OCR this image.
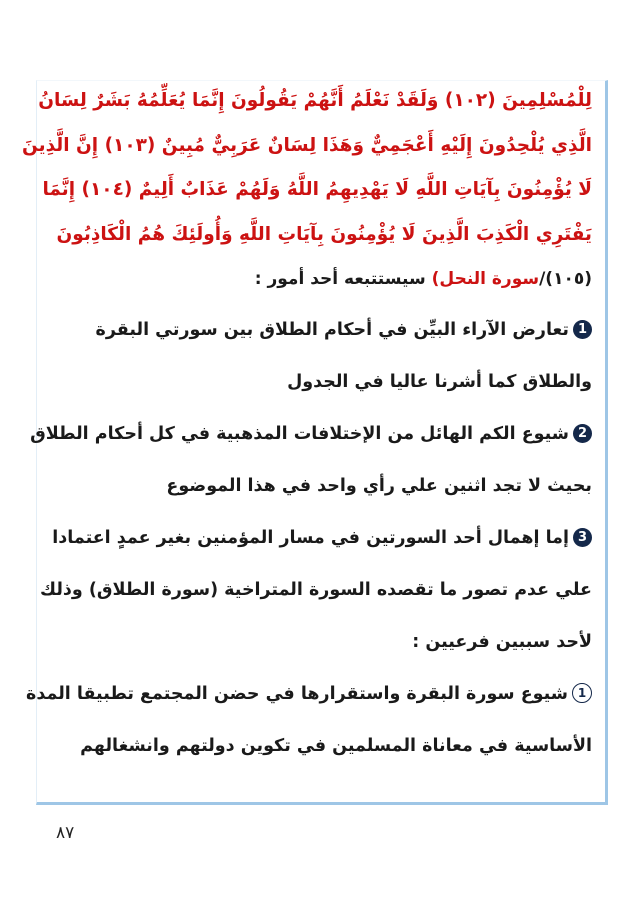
لِلْمُسْلِمِينَ (١٠٢) وَلَقَدْ نَعْلَمُ أَنَّهُمْ يَقُولُونَ إِنَّمَا يُعَلِّمُهُ بَشَرٌ لِسَانُ
الَّذِي يُلْحِدُونَ إِلَيْهِ أَعْجَمِيٌّ وَهَذَا لِسَانٌ عَرَبِيٌّ مُبِينٌ (١٠٣) إِنَّ الَّذِينَ
لَا يُؤْمِنُونَ بِآيَاتِ اللَّهِ لَا يَهْدِيهِمُ اللَّهُ وَلَهُمْ عَذَابٌ أَلِيمٌ (١٠٤) إِنَّمَا
يَفْتَرِي الْكَذِبَ الَّذِينَ لَا يُؤْمِنُونَ بِآيَاتِ اللَّهِ وَأُولَئِكَ هُمُ الْكَاذِبُونَ
(١٠٥)/سورة النحل) سيستتبعه أحد أمور :
1تعارض الآراء البيِّن في أحكام الطلاق بين سورتي البقرة
والطلاق كما أشرنا عاليا في الجدول
2شيوع الكم الهائل من الإختلافات المذهبية في كل أحكام الطلاق
بحيث لا تجد اثنين علي رأي واحد في هذا الموضوع
3إما إهمال أحد السورتين في مسار المؤمنين بغير عمدٍ اعتمادا
علي عدم تصور ما تقصده السورة المتراخية (سورة الطلاق) وذلك
لأحد سببين فرعيين :
1شيوع سورة البقرة واستقرارها في حضن المجتمع تطبيقا المدة
الأساسية في معاناة المسلمين في تكوين دولتهم وانشغالهم
٨٧
